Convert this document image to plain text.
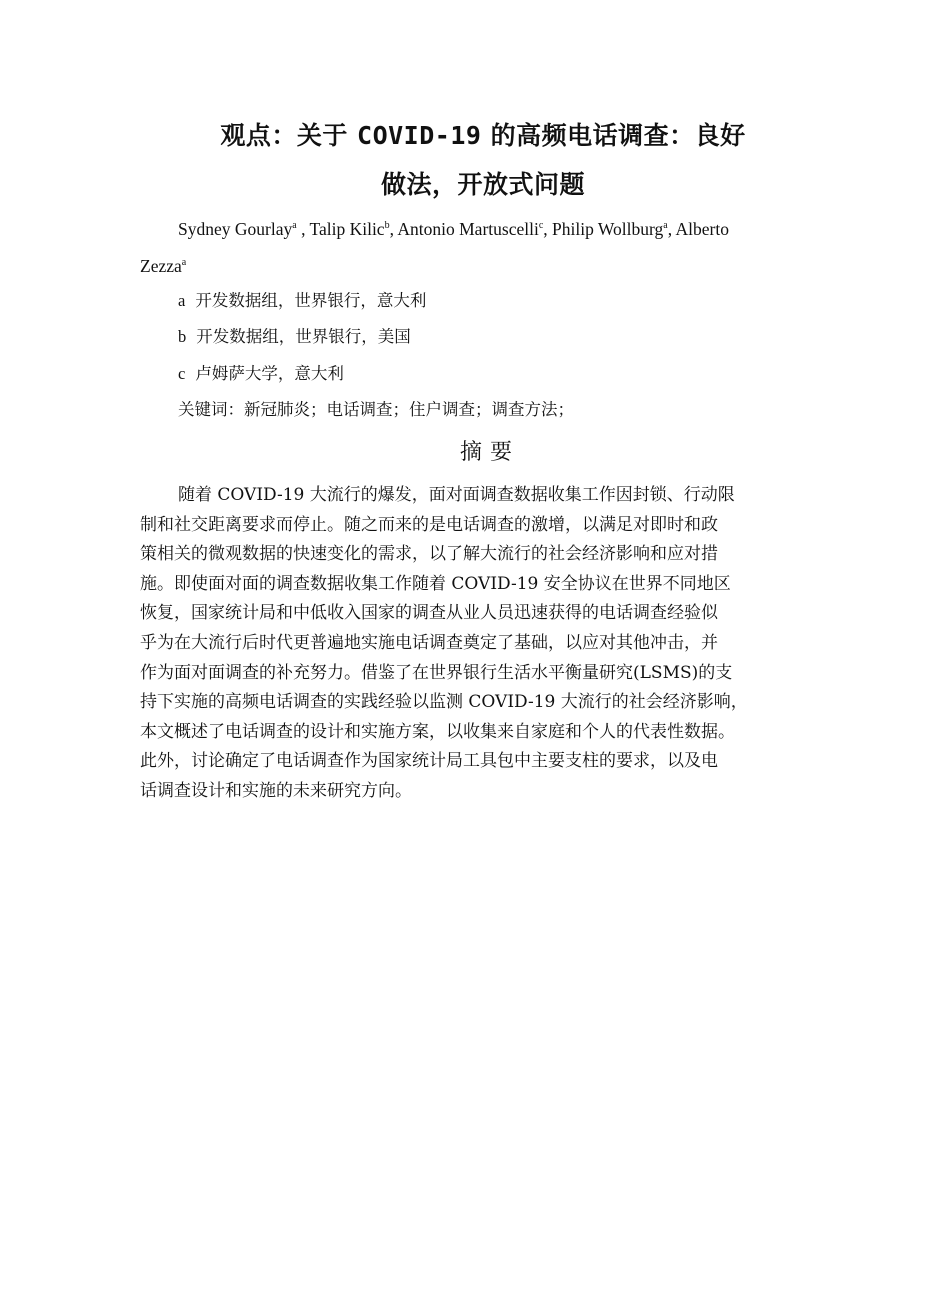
观点：关于 COVID-19 的高频电话调查：良好
做法，开放式问题
Sydney Gourlay$^a$ , Talip Kilic$^b$, Antonio Martuscelli$^c$, Philip Wollburg$^a$, Alberto
Zezza$^a$
a 开发数据组，世界银行，意大利
b 开发数据组，世界银行，美国
c 卢姆萨大学，意大利
关键词：新冠肺炎；电话调查；住户调查；调查方法；
摘要
随着 COVID-19 大流行的爆发，面对面调查数据收集工作因封锁、行动限
制和社交距离要求而停止。随之而来的是电话调查的激增，以满足对即时和政
策相关的微观数据的快速变化的需求，以了解大流行的社会经济影响和应对措
施。即使面对面的调查数据收集工作随着 COVID-19 安全协议在世界不同地区
恢复，国家统计局和中低收入国家的调查从业人员迅速获得的电话调查经验似
乎为在大流行后时代更普遍地实施电话调查奠定了基础，以应对其他冲击，并
作为面对面调查的补充努力。借鉴了在世界银行生活水平衡量研究(LSMS)的支
持下实施的高频电话调查的实践经验以监测 COVID-19 大流行的社会经济影响，
本文概述了电话调查的设计和实施方案，以收集来自家庭和个人的代表性数据。
此外，讨论确定了电话调查作为国家统计局工具包中主要支柱的要求，以及电
话调查设计和实施的未来研究方向。
